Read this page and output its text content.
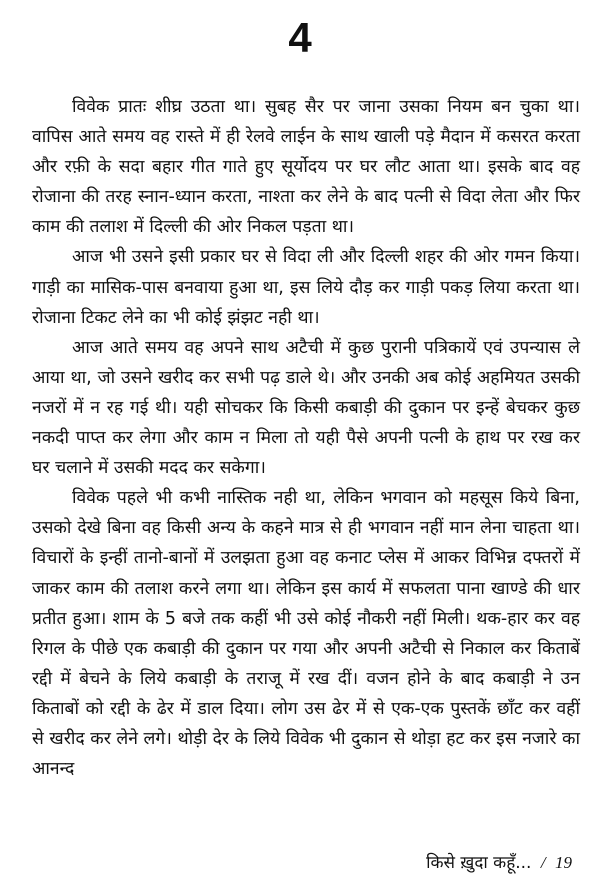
4

विवेक प्रातः शीघ्र उठता था। सुबह सैर पर जाना उसका नियम बन चुका था। वापिस आते समय वह रास्ते में ही रेलवे लाईन के साथ खाली पड़े मैदान में कसरत करता और रफ़ी के सदा बहार गीत गाते हुए सूर्योदय पर घर लौट आता था। इसके बाद वह रोजाना की तरह स्नान-ध्यान करता, नाश्ता कर लेने के बाद पत्नी से विदा लेता और फिर काम की तलाश में दिल्ली की ओर निकल पड़ता था।

आज भी उसने इसी प्रकार घर से विदा ली और दिल्ली शहर की ओर गमन किया। गाड़ी का मासिक-पास बनवाया हुआ था, इस लिये दौड़ कर गाड़ी पकड़ लिया करता था। रोजाना टिकट लेने का भी कोई झंझट नही था।

आज आते समय वह अपने साथ अटैची में कुछ पुरानी पत्रिकायें एवं उपन्यास ले आया था, जो उसने खरीद कर सभी पढ़ डाले थे। और उनकी अब कोई अहमियत उसकी नजरों में न रह गई थी। यही सोचकर कि किसी कबाड़ी की दुकान पर इन्हें बेचकर कुछ नकदी पाप्त कर लेगा और काम न मिला तो यही पैसे अपनी पत्नी के हाथ पर रख कर घर चलाने में उसकी मदद कर सकेगा।

विवेक पहले भी कभी नास्तिक नही था, लेकिन भगवान को महसूस किये बिना, उसको देखे बिना वह किसी अन्य के कहने मात्र से ही भगवान नहीं मान लेना चाहता था। विचारों के इन्हीं तानो-बानों में उलझता हुआ वह कनाट प्लेस में आकर विभिन्न दफ्तरों में जाकर काम की तलाश करने लगा था। लेकिन इस कार्य में सफलता पाना खाण्डे की धार प्रतीत हुआ। शाम के 5 बजे तक कहीं भी उसे कोई नौकरी नहीं मिली। थक-हार कर वह रिगल के पीछे एक कबाड़ी की दुकान पर गया और अपनी अटैची से निकाल कर किताबें रद्दी में बेचने के लिये कबाड़ी के तराजू में रख दीं। वजन होने के बाद कबाड़ी ने उन किताबों को रद्दी के ढेर में डाल दिया। लोग उस ढेर में से एक-एक पुस्तकें छाँट कर वहीं से खरीद कर लेने लगे। थोड़ी देर के लिये विवेक भी दुकान से थोड़ा हट कर इस नजारे का आनन्द

किसे ख़ुदा कहूँ... / 19
